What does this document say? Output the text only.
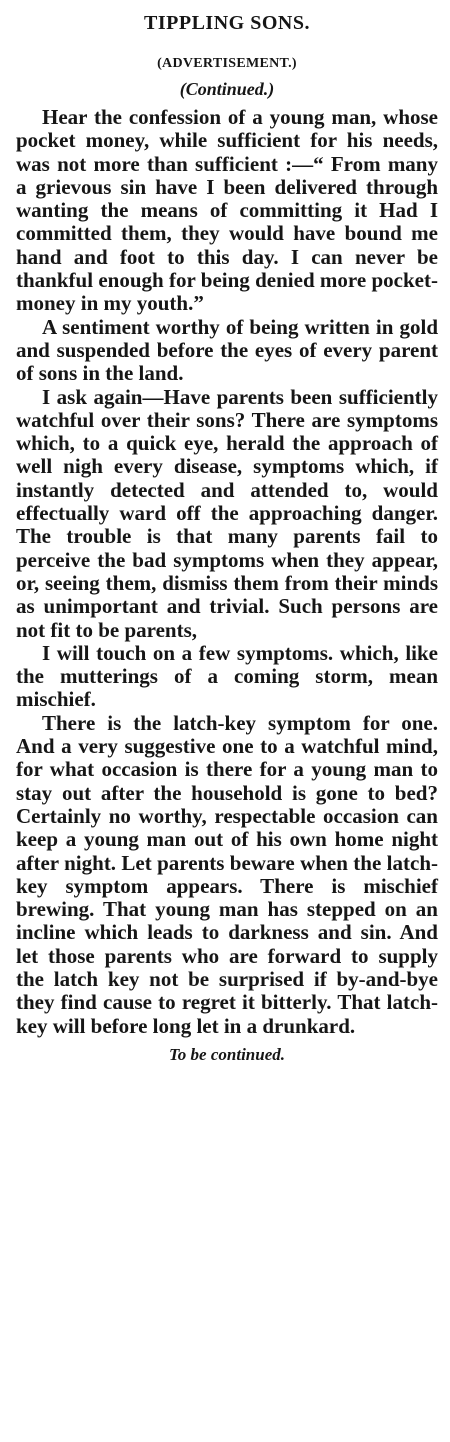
TIPPLING SONS.
(ADVERTISEMENT.)
(Continued.)

Hear the confession of a young man, whose pocket money, while sufficient for his needs, was not more than sufficient :—“ From many a grievous sin have I been delivered through wanting the means of committing it Had I committed them, they would have bound me hand and foot to this day. I can never be thankful enough for being denied more pocket-money in my youth.”

A sentiment worthy of being written in gold and suspended before the eyes of every parent of sons in the land.

I ask again—Have parents been sufficiently watchful over their sons? There are symptoms which, to a quick eye, herald the approach of well nigh every disease, symptoms which, if instantly detected and attended to, would effectually ward off the approaching danger. The trouble is that many parents fail to perceive the bad symptoms when they appear, or, seeing them, dismiss them from their minds as unimportant and trivial. Such persons are not fit to be parents,

I will touch on a few symptoms. which, like the mutterings of a coming storm, mean mischief.

There is the latch-key symptom for one. And a very suggestive one to a watchful mind, for what occasion is there for a young man to stay out after the household is gone to bed? Certainly no worthy, respectable occasion can keep a young man out of his own home night after night. Let parents beware when the latch-key symptom appears. There is mischief brewing. That young man has stepped on an incline which leads to darkness and sin. And let those parents who are forward to supply the latch key not be surprised if by-and-bye they find cause to regret it bitterly. That latch-key will before long let in a drunkard.

To be continued.
